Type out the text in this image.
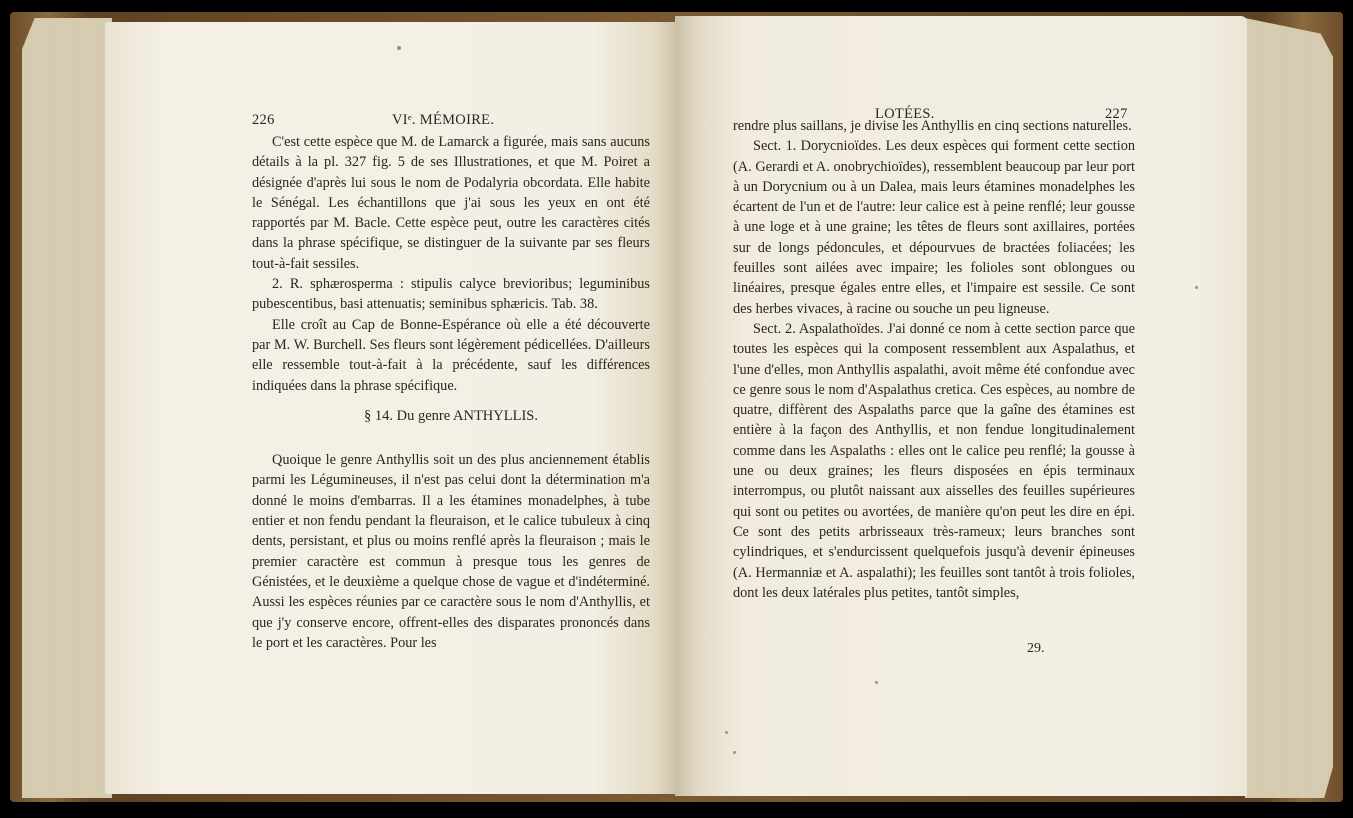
226	VIᵉ. MÉMOIRE.

C'est cette espèce que M. de Lamarck a figurée, mais sans aucuns détails à la pl. 327 fig. 5 de ses Illustrationes, et que M. Poiret a désignée d'après lui sous le nom de Podalyria obcordata. Elle habite le Sénégal. Les échantillons que j'ai sous les yeux en ont été rapportés par M. Bacle. Cette espèce peut, outre les caractères cités dans la phrase spécifique, se distinguer de la suivante par ses fleurs tout-à-fait sessiles.

2. R. sphærosperma : stipulis calyce brevioribus; leguminibus pubescentibus, basi attenuatis; seminibus sphæricis. Tab. 38.

Elle croît au Cap de Bonne-Espérance où elle a été découverte par M. W. Burchell. Ses fleurs sont légèrement pédicellées. D'ailleurs elle ressemble tout-à-fait à la précédente, sauf les différences indiquées dans la phrase spécifique.

§ 14. Du genre ANTHYLLIS.

Quoique le genre Anthyllis soit un des plus anciennement établis parmi les Légumineuses, il n'est pas celui dont la détermination m'a donné le moins d'embarras. Il a les étamines monadelphes, à tube entier et non fendu pendant la fleuraison, et le calice tubuleux à cinq dents, persistant, et plus ou moins renflé après la fleuraison ; mais le premier caractère est commun à presque tous les genres de Génistées, et le deuxième a quelque chose de vague et d'indéterminé. Aussi les espèces réunies par ce caractère sous le nom d'Anthyllis, et que j'y conserve encore, offrent-elles des disparates prononcés dans le port et les caractères. Pour les

LOTÉES.	227

rendre plus saillans, je divise les Anthyllis en cinq sections naturelles.

Sect. 1. Dorycnioïdes. Les deux espèces qui forment cette section (A. Gerardi et A. onobrychioïdes), ressemblent beaucoup par leur port à un Dorycnium ou à un Dalea, mais leurs étamines monadelphes les écartent de l'un et de l'autre: leur calice est à peine renflé; leur gousse à une loge et à une graine; les têtes de fleurs sont axillaires, portées sur de longs pédoncules, et dépourvues de bractées foliacées; les feuilles sont ailées avec impaire; les folioles sont oblongues ou linéaires, presque égales entre elles, et l'impaire est sessile. Ce sont des herbes vivaces, à racine ou souche un peu ligneuse.

Sect. 2. Aspalathoïdes. J'ai donné ce nom à cette section parce que toutes les espèces qui la composent ressemblent aux Aspalathus, et l'une d'elles, mon Anthyllis aspalathi, avoit même été confondue avec ce genre sous le nom d'Aspalathus cretica. Ces espèces, au nombre de quatre, diffèrent des Aspalaths parce que la gaîne des étamines est entière à la façon des Anthyllis, et non fendue longitudinalement comme dans les Aspalaths : elles ont le calice peu renflé; la gousse à une ou deux graines; les fleurs disposées en épis terminaux interrompus, ou plutôt naissant aux aisselles des feuilles supérieures qui sont ou petites ou avortées, de manière qu'on peut les dire en épi. Ce sont des petits arbrisseaux très-rameux; leurs branches sont cylindriques, et s'endurcissent quelquefois jusqu'à devenir épineuses (A. Hermanniæ et A. aspalathi); les feuilles sont tantôt à trois folioles, dont les deux latérales plus petites, tantôt simples,

29.
